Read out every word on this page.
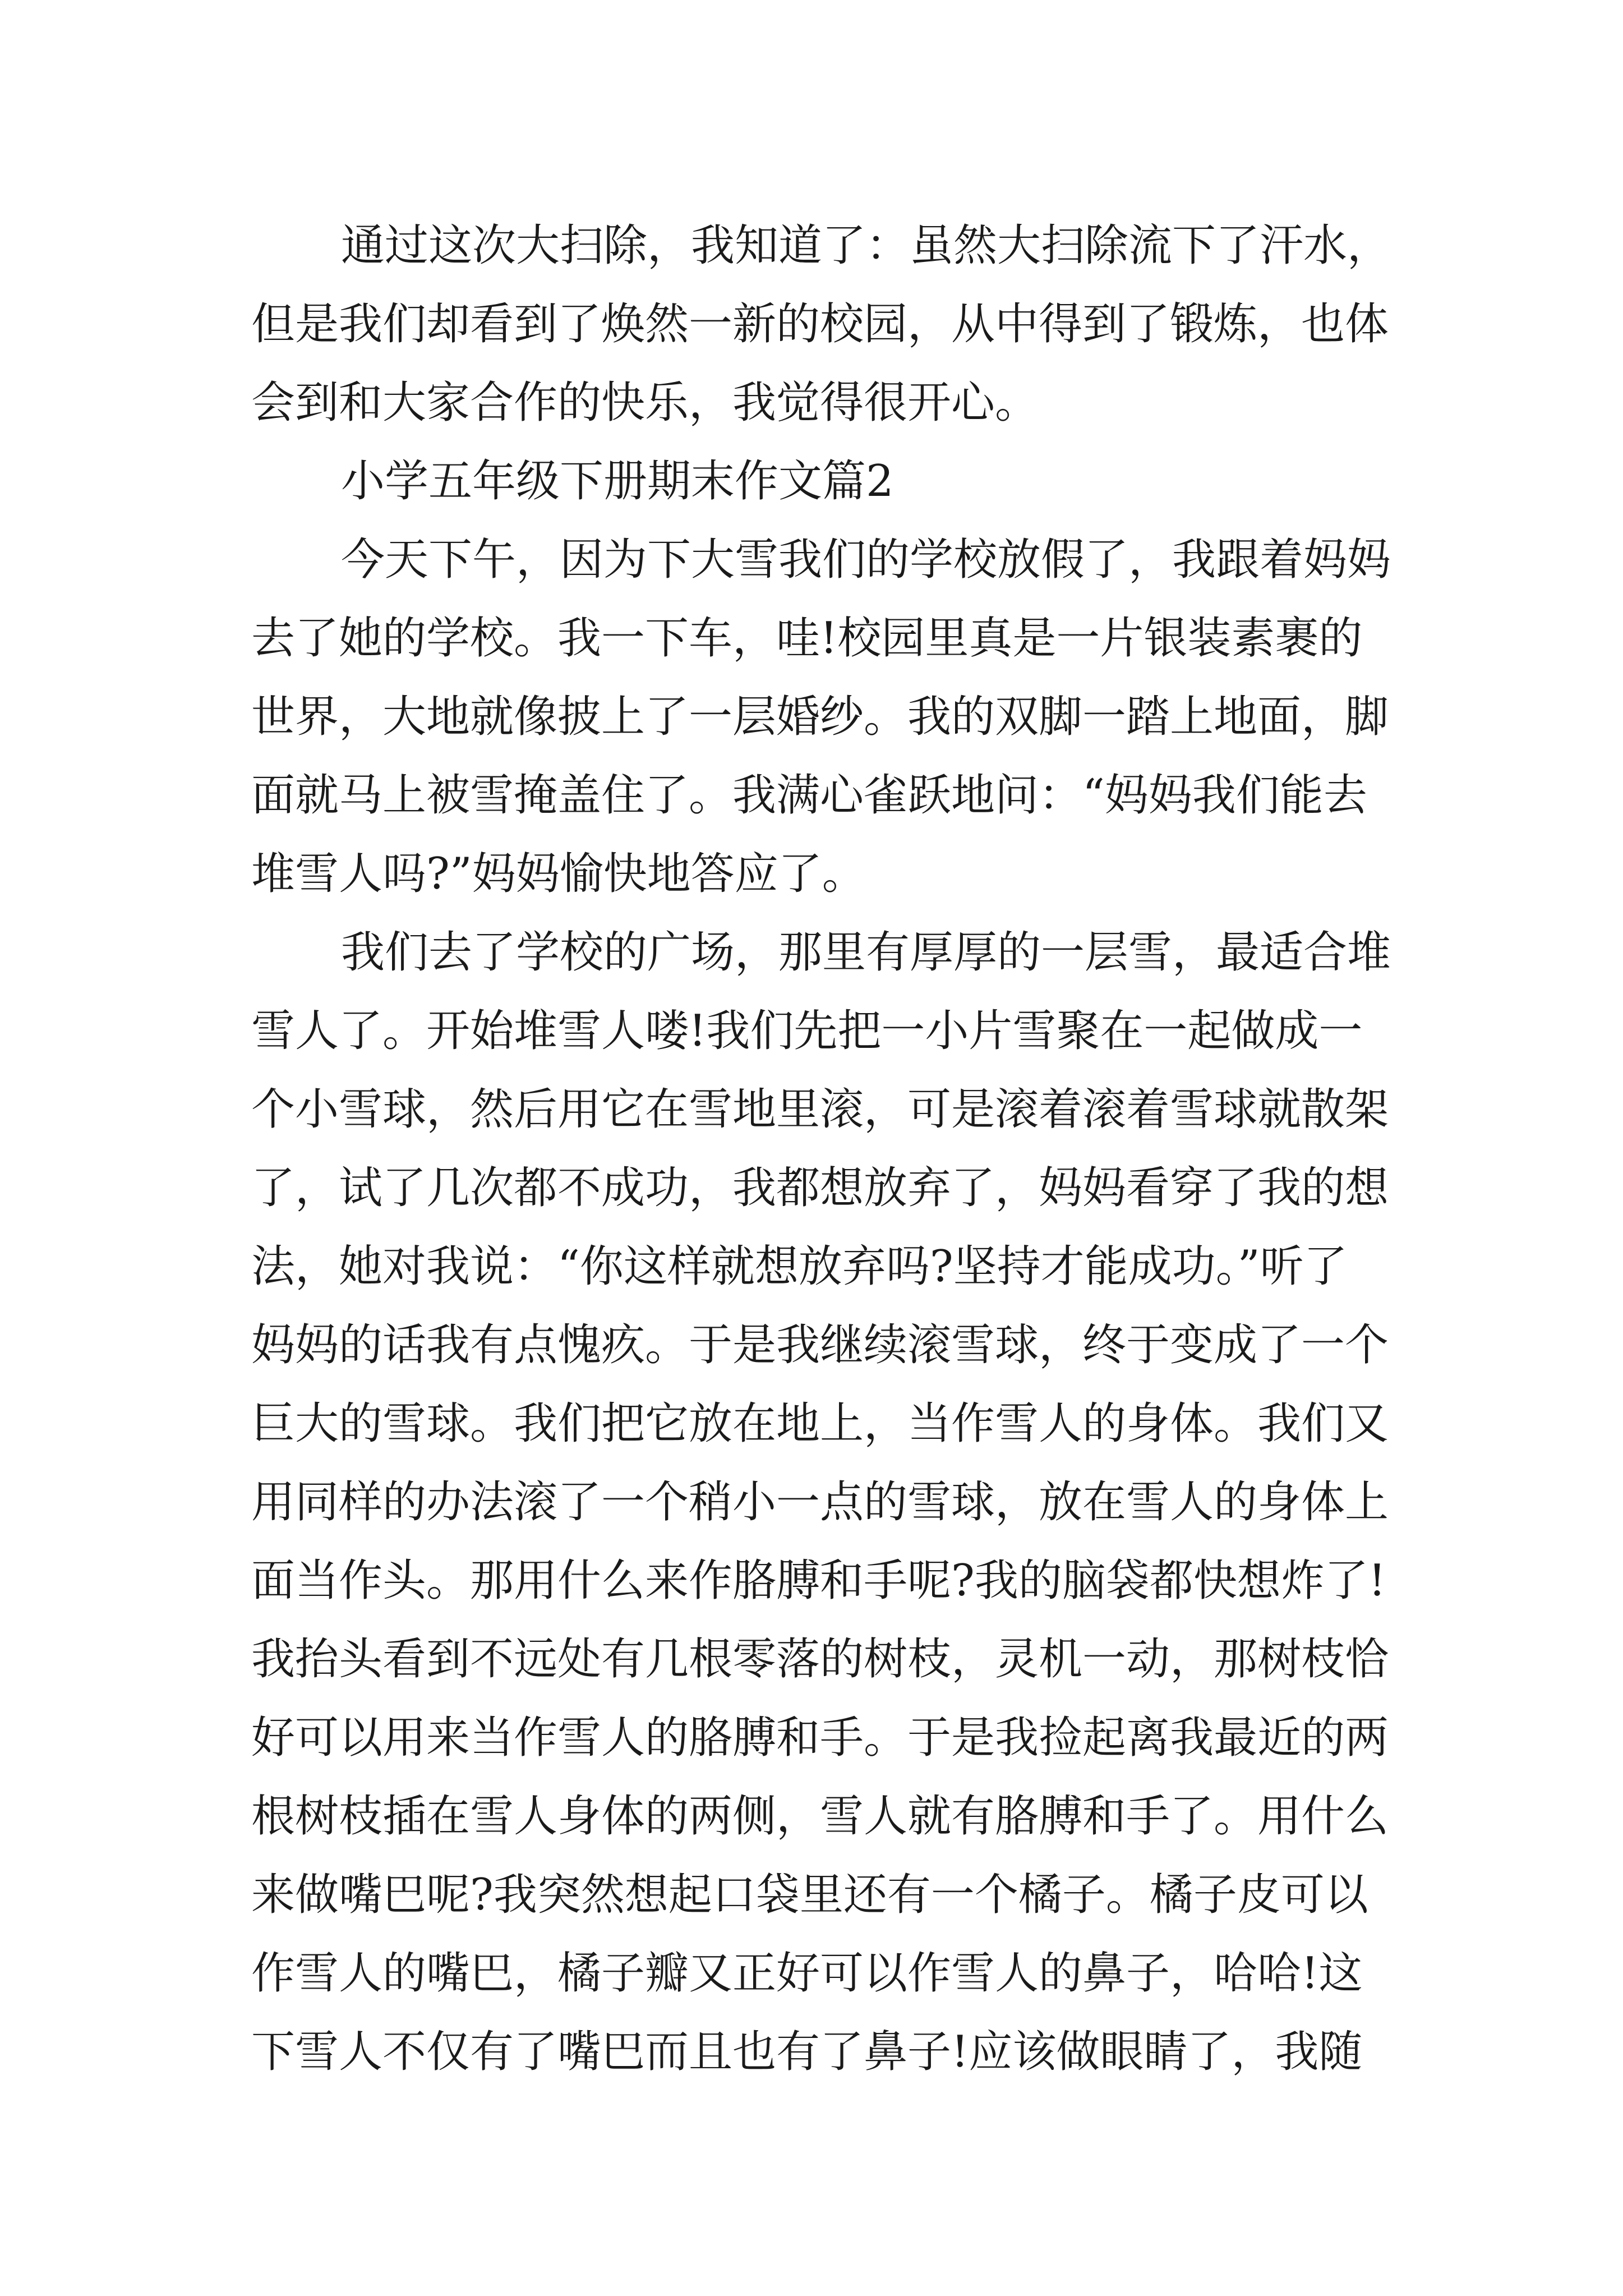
通过这次大扫除，我知道了：虽然大扫除流下了汗水，
但是我们却看到了焕然一新的校园，从中得到了锻炼，也体
会到和大家合作的快乐，我觉得很开心。
小学五年级下册期末作文篇2
今天下午，因为下大雪我们的学校放假了，我跟着妈妈
去了她的学校。我一下车，哇!校园里真是一片银装素裹的
世界，大地就像披上了一层婚纱。我的双脚一踏上地面，脚
面就马上被雪掩盖住了。我满心雀跃地问：“妈妈我们能去
堆雪人吗?”妈妈愉快地答应了。
我们去了学校的广场，那里有厚厚的一层雪，最适合堆
雪人了。开始堆雪人喽!我们先把一小片雪聚在一起做成一
个小雪球，然后用它在雪地里滚，可是滚着滚着雪球就散架
了，试了几次都不成功，我都想放弃了，妈妈看穿了我的想
法，她对我说：“你这样就想放弃吗?坚持才能成功。”听了
妈妈的话我有点愧疚。于是我继续滚雪球，终于变成了一个
巨大的雪球。我们把它放在地上，当作雪人的身体。我们又
用同样的办法滚了一个稍小一点的雪球，放在雪人的身体上
面当作头。那用什么来作胳膊和手呢?我的脑袋都快想炸了!
我抬头看到不远处有几根零落的树枝，灵机一动，那树枝恰
好可以用来当作雪人的胳膊和手。于是我捡起离我最近的两
根树枝插在雪人身体的两侧，雪人就有胳膊和手了。用什么
来做嘴巴呢?我突然想起口袋里还有一个橘子。橘子皮可以
作雪人的嘴巴，橘子瓣又正好可以作雪人的鼻子，哈哈!这
下雪人不仅有了嘴巴而且也有了鼻子!应该做眼睛了，我随
